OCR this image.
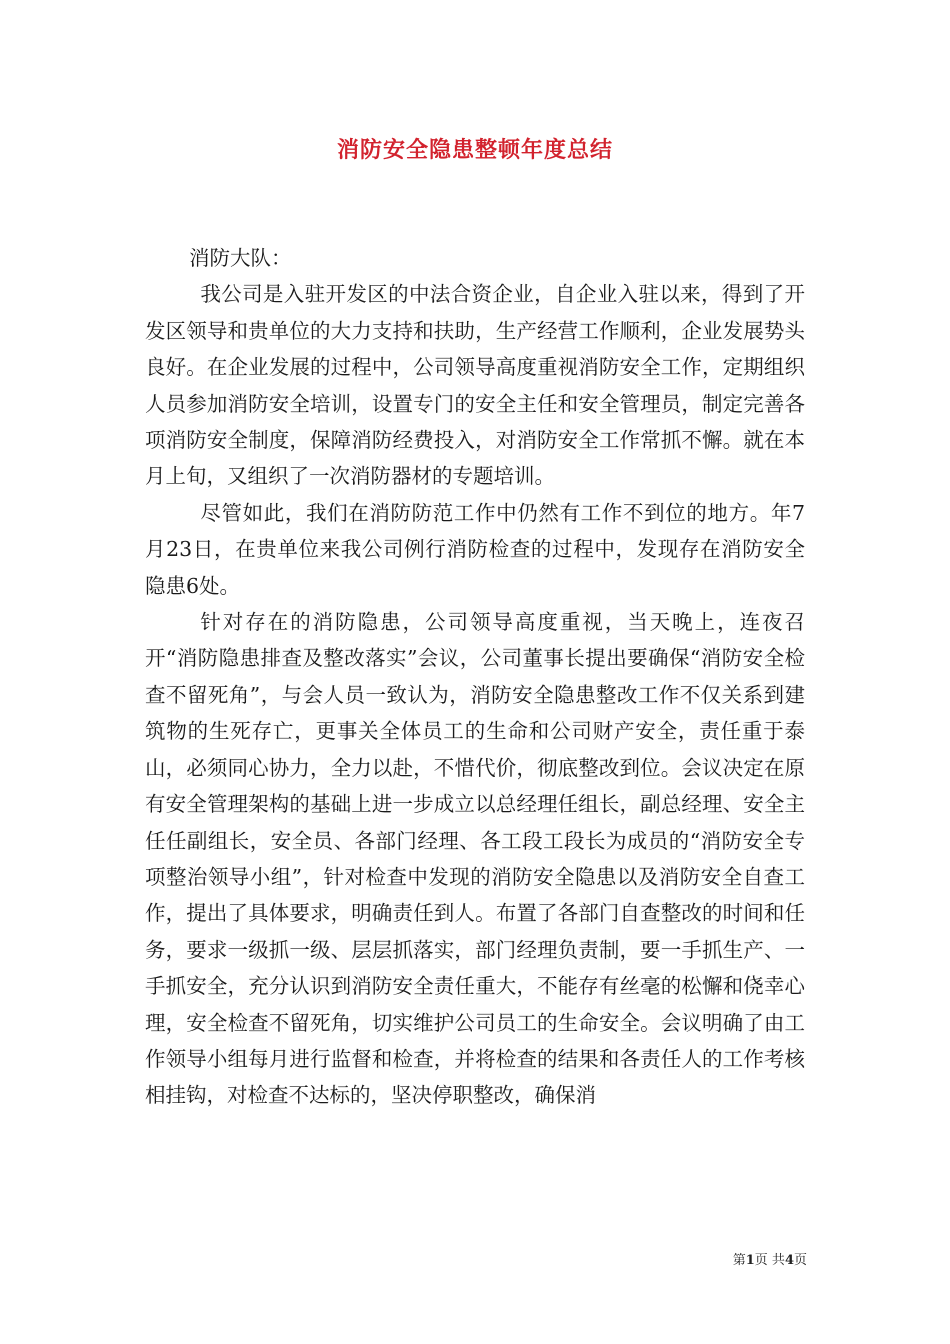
消防安全隐患整顿年度总结

消防大队：

我公司是入驻开发区的中法合资企业，自企业入驻以来，得到了开发区领导和贵单位的大力支持和扶助，生产经营工作顺利，企业发展势头良好。在企业发展的过程中，公司领导高度重视消防安全工作，定期组织人员参加消防安全培训，设置专门的安全主任和安全管理员，制定完善各项消防安全制度，保障消防经费投入，对消防安全工作常抓不懈。就在本月上旬，又组织了一次消防器材的专题培训。

尽管如此，我们在消防防范工作中仍然有工作不到位的地方。年7月23日，在贵单位来我公司例行消防检查的过程中，发现存在消防安全隐患6处。

针对存在的消防隐患，公司领导高度重视，当天晚上，连夜召开“消防隐患排查及整改落实”会议，公司董事长提出要确保“消防安全检查不留死角”，与会人员一致认为，消防安全隐患整改工作不仅关系到建筑物的生死存亡，更事关全体员工的生命和公司财产安全，责任重于泰山，必须同心协力，全力以赴，不惜代价，彻底整改到位。会议决定在原有安全管理架构的基础上进一步成立以总经理任组长，副总经理、安全主任任副组长，安全员、各部门经理、各工段工段长为成员的“消防安全专项整治领导小组”，针对检查中发现的消防安全隐患以及消防安全自查工作，提出了具体要求，明确责任到人。布置了各部门自查整改的时间和任务，要求一级抓一级、层层抓落实，部门经理负责制，要一手抓生产、一手抓安全，充分认识到消防安全责任重大，不能存有丝毫的松懈和侥幸心理，安全检查不留死角，切实维护公司员工的生命安全。会议明确了由工作领导小组每月进行监督和检查，并将检查的结果和各责任人的工作考核相挂钩，对检查不达标的，坚决停职整改，确保消

第1页 共4页
